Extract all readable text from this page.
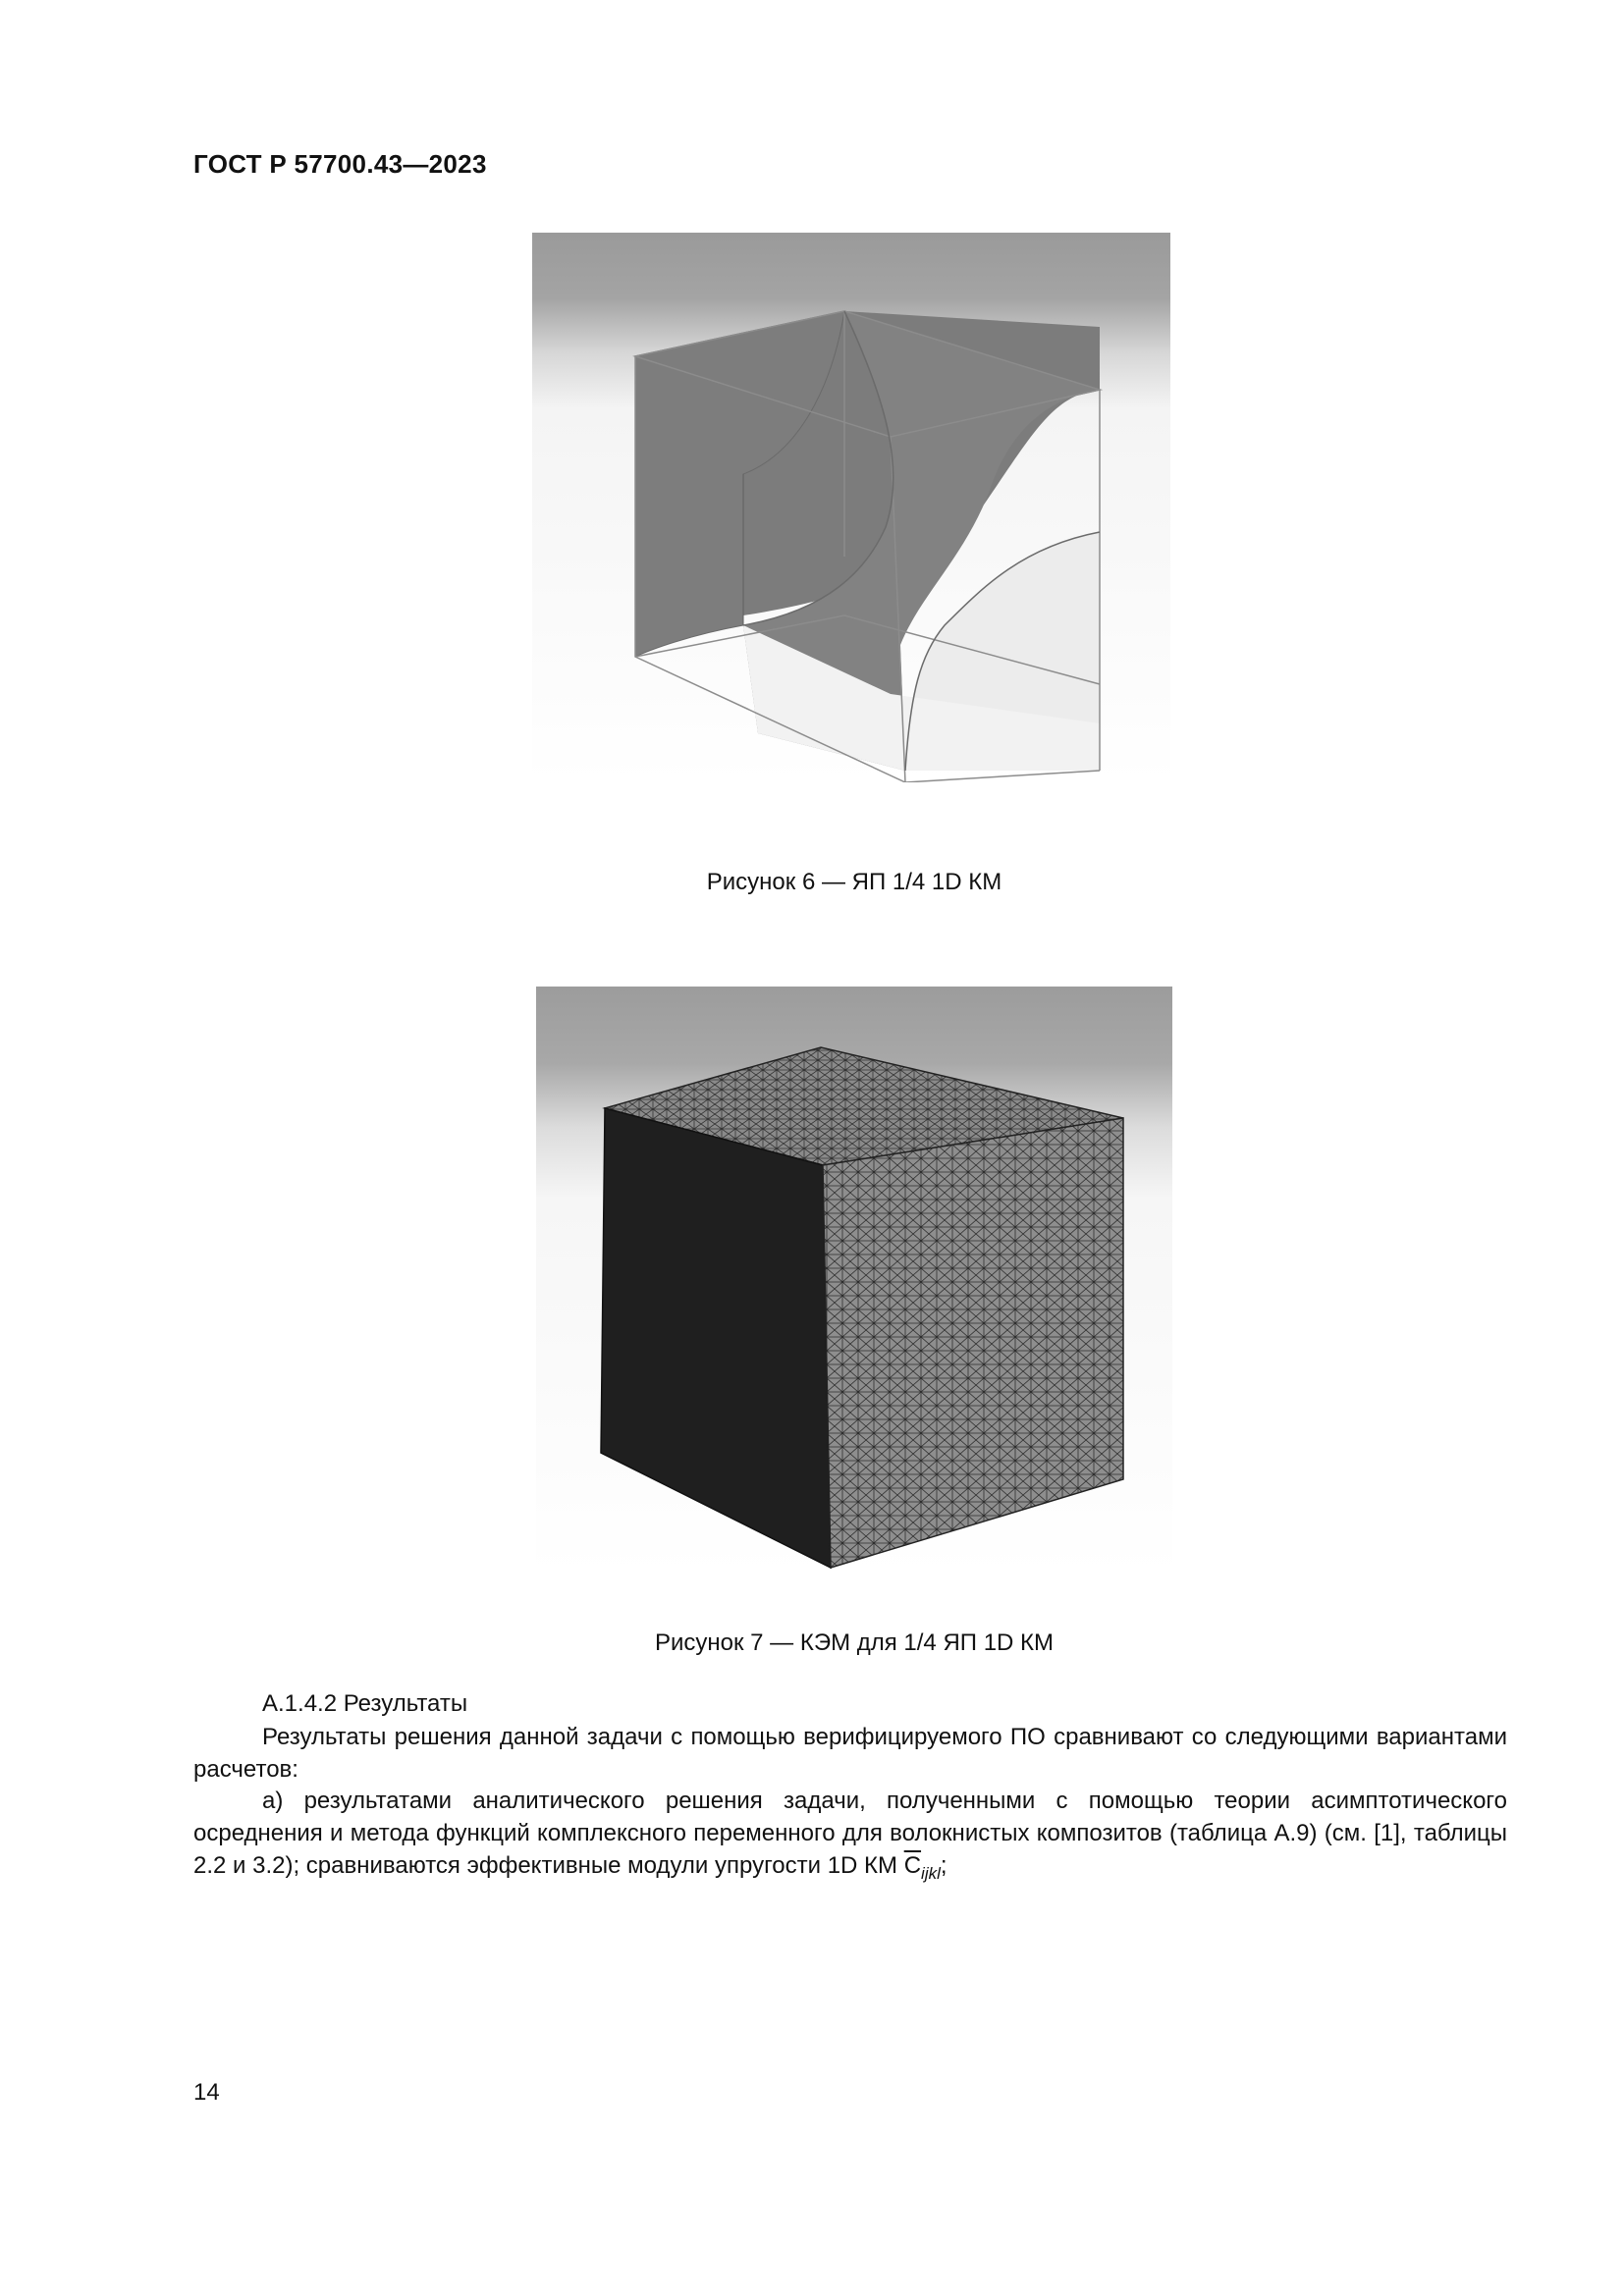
ГОСТ Р 57700.43—2023
Рисунок 6 — ЯП 1/4 1D КМ
Рисунок 7 — КЭМ для 1/4 ЯП 1D КМ
А.1.4.2 Результаты

Результаты решения данной задачи с помощью верифицируемого ПО сравнивают со следующими вариантами расчетов:

а) результатами аналитического решения задачи, полученными с помощью теории асимптотического осреднения и метода функций комплексного переменного для волокнистых композитов (таблица А.9) (см. [1], таблицы 2.2 и 3.2); сравниваются эффективные модули упругости 1D КМ $\overline{C}_{ijkl}$;

14
